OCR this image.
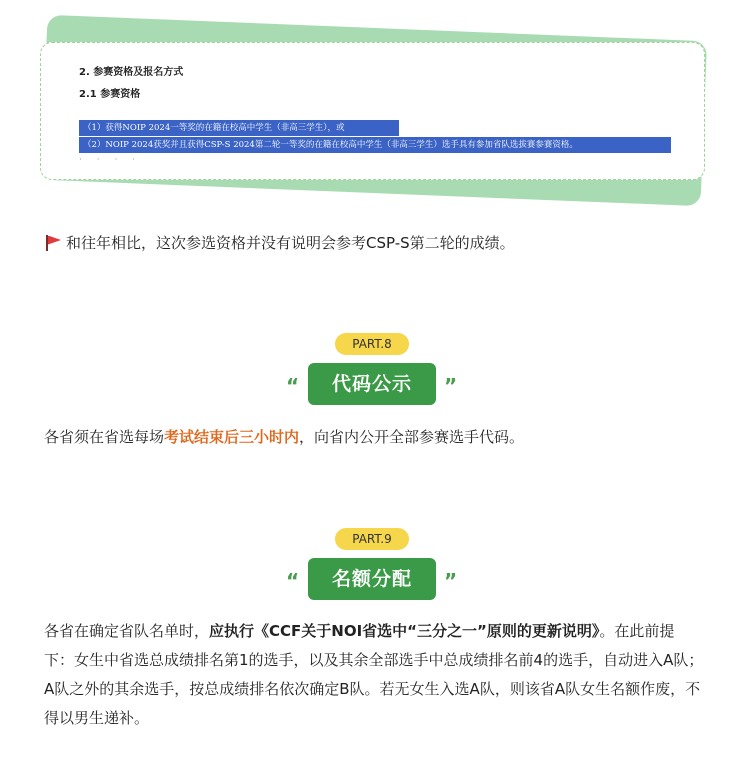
2. 参赛资格及报名方式
2.1 参赛资格
（1）获得NOIP 2024一等奖的在籍在校高中学生（非高三学生），或
（2）NOIP 2024获奖并且获得CSP-S 2024第二轮一等奖的在籍在校高中学生（非高三学生）选手具有参加省队选拔赛参赛资格。
· · · ·
和往年相比，这次参选资格并没有说明会参考CSP-S第二轮的成绩。
PART.8
“	代码公示	”
各省须在省选每场考试结束后三小时内，向省内公开全部参赛选手代码。
PART.9
“	名额分配	”
各省在确定省队名单时，应执行《CCF关于NOI省选中“三分之一”原则的更新说明》。在此前提下：女生中省选总成绩排名第1的选手，以及其余全部选手中总成绩排名前4的选手，自动进入A队；A队之外的其余选手，按总成绩排名依次确定B队。若无女生入选A队，则该省A队女生名额作废，不得以男生递补。
